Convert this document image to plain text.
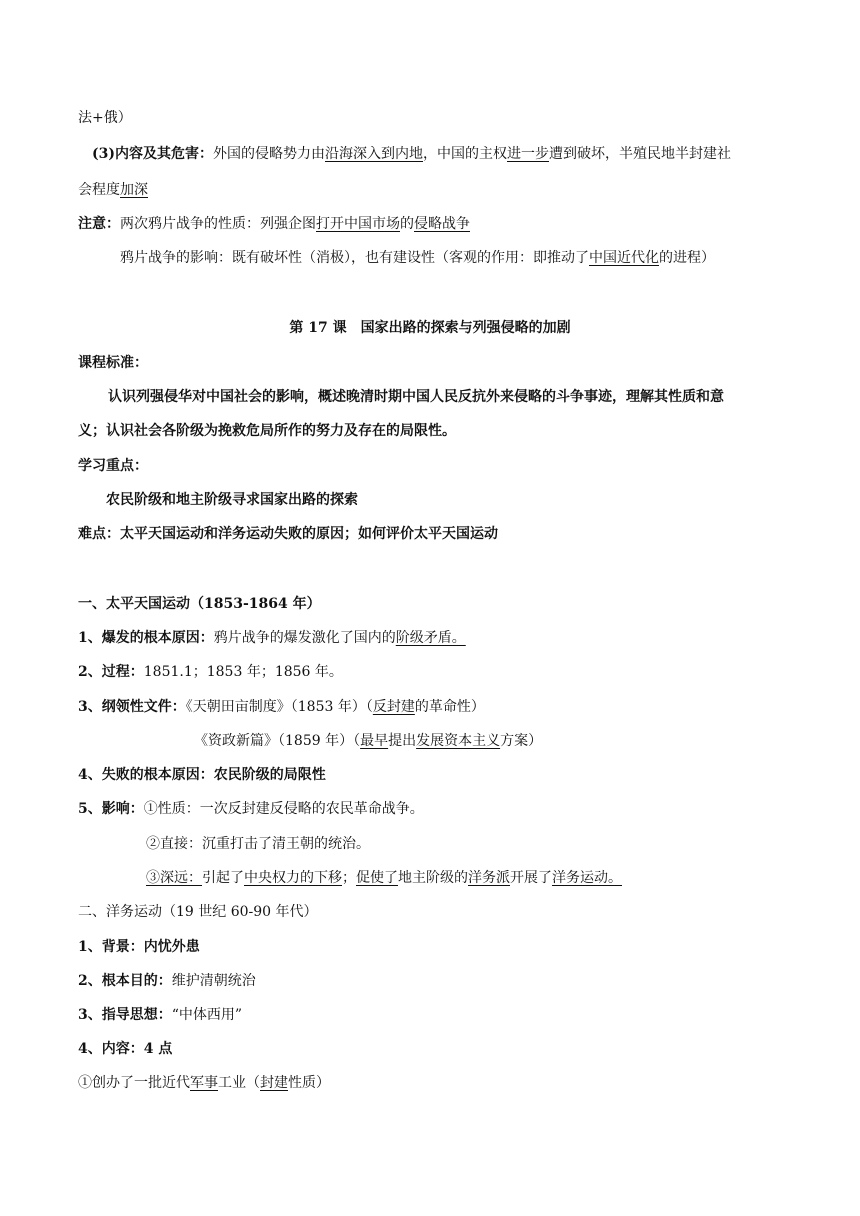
法+俄）
(3)内容及其危害：外国的侵略势力由沿海深入到内地，中国的主权进一步遭到破坏，半殖民地半封建社
会程度加深
注意：两次鸦片战争的性质：列强企图打开中国市场的侵略战争
鸦片战争的影响：既有破坏性（消极），也有建设性（客观的作用：即推动了中国近代化的进程）
第 17 课　国家出路的探索与列强侵略的加剧
课程标准：
认识列强侵华对中国社会的影响，概述晚清时期中国人民反抗外来侵略的斗争事迹，理解其性质和意
义；认识社会各阶级为挽救危局所作的努力及存在的局限性。
学习重点：
农民阶级和地主阶级寻求国家出路的探索
难点：太平天国运动和洋务运动失败的原因；如何评价太平天国运动
一、太平天国运动（1853-1864 年）
1、爆发的根本原因：鸦片战争的爆发激化了国内的阶级矛盾。
2、过程：1851.1；1853 年；1856 年。
3、纲领性文件：《天朝田亩制度》（1853 年）（反封建的革命性）
《资政新篇》（1859 年）（最早提出发展资本主义方案）
4、失败的根本原因：农民阶级的局限性
5、影响：①性质：一次反封建反侵略的农民革命战争。
②直接：沉重打击了清王朝的统治。
③深远：引起了中央权力的下移；促使了地主阶级的洋务派开展了洋务运动。
二、洋务运动（19 世纪 60-90 年代）
1、背景：内忧外患
2、根本目的：维护清朝统治
3、指导思想：“中体西用”
4、内容：4 点
①创办了一批近代军事工业（封建性质）
